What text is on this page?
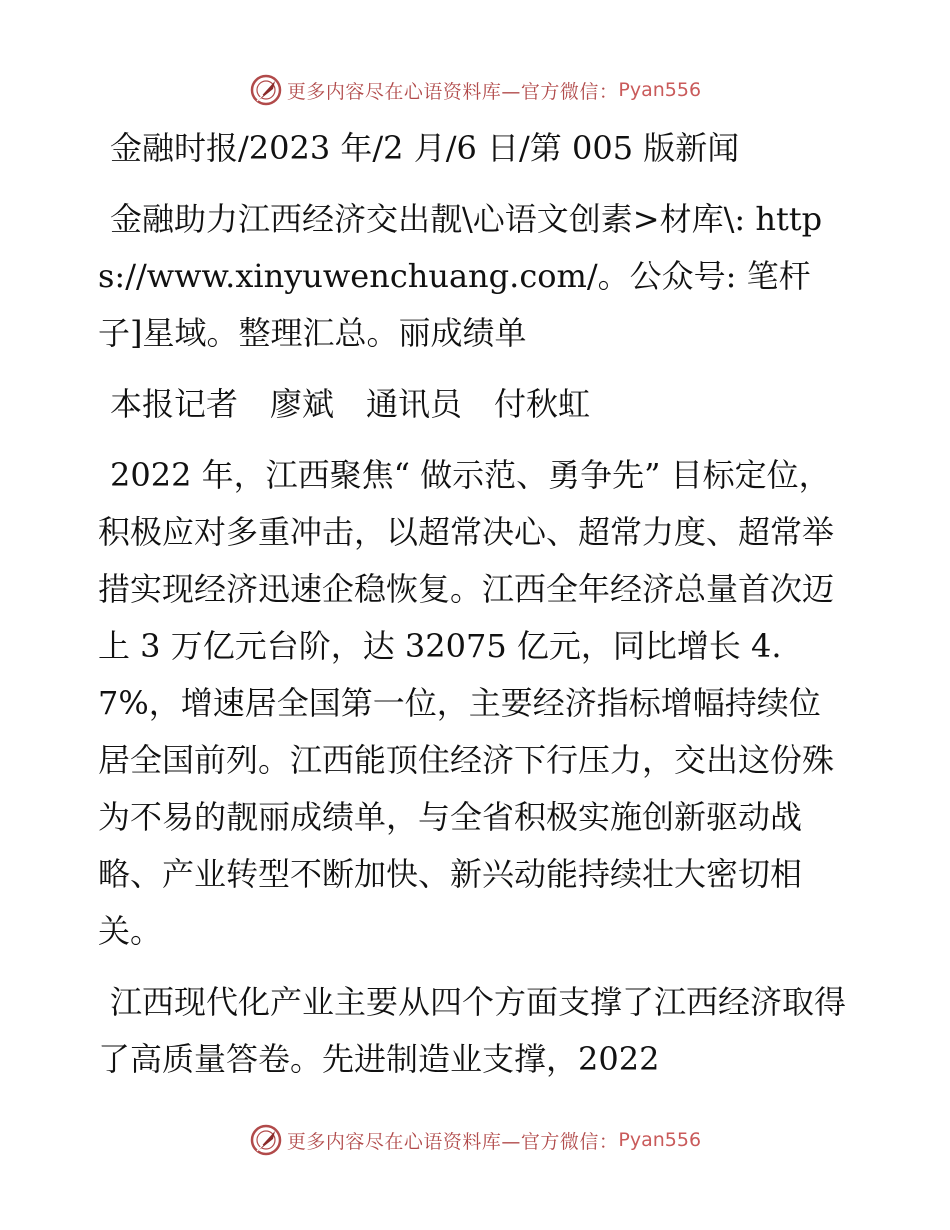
更多内容尽在心语资料库—官方微信： Pyan556

金融时报/2023 年/2 月/6 日/第 005 版新闻

金融助力江西经济交出靓\心语文创素>材库\: https://www.xinyuwenchuang.com/。公众号: 笔杆子]星域。整理汇总。丽成绩单

本报记者　廖斌　通讯员　付秋虹

2022 年，江西聚焦“ 做示范、勇争先” 目标定位，积极应对多重冲击，以超常决心、超常力度、超常举措实现经济迅速企稳恢复。江西全年经济总量首次迈上 3 万亿元台阶，达 32075 亿元，同比增长 4.7%，增速居全国第一位，主要经济指标增幅持续位居全国前列。江西能顶住经济下行压力，交出这份殊为不易的靓丽成绩单，与全省积极实施创新驱动战略、产业转型不断加快、新兴动能持续壮大密切相关。

江西现代化产业主要从四个方面支撑了江西经济取得了高质量答卷。先进制造业支撑，2022

更多内容尽在心语资料库—官方微信： Pyan556
